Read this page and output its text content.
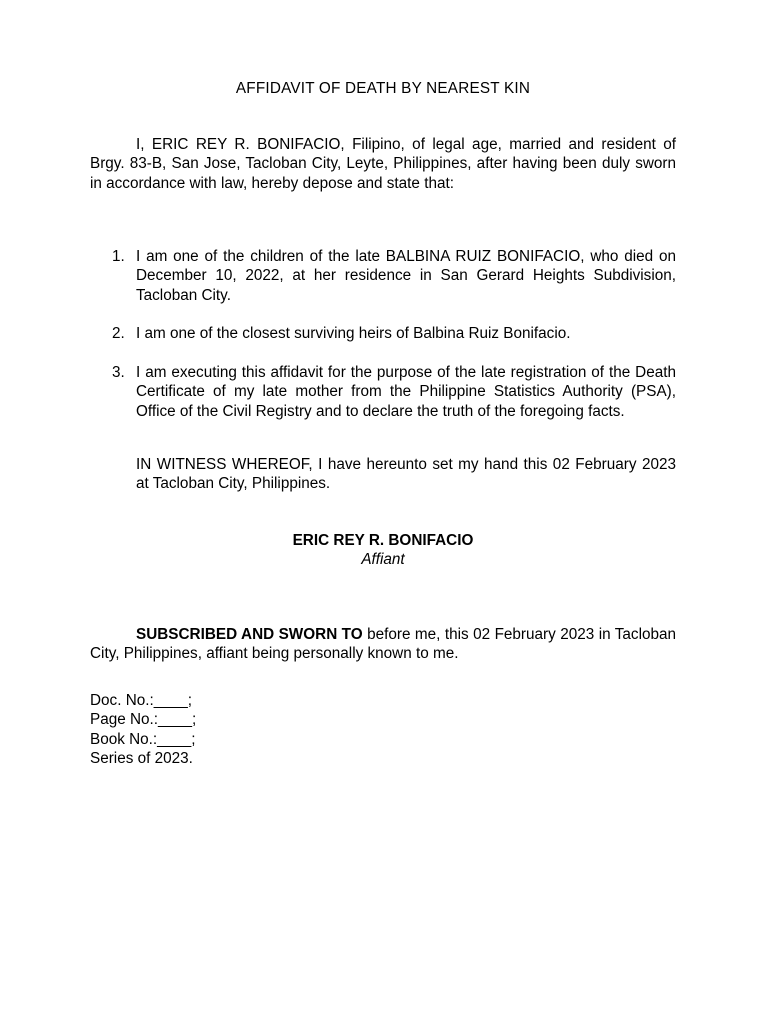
AFFIDAVIT OF DEATH BY NEAREST KIN

I, ERIC REY R. BONIFACIO, Filipino, of legal age, married and resident of Brgy. 83-B, San Jose, Tacloban City, Leyte, Philippines, after having been duly sworn in accordance with law, hereby depose and state that:

1. I am one of the children of the late BALBINA RUIZ BONIFACIO, who died on December 10, 2022, at her residence in San Gerard Heights Subdivision, Tacloban City.
2. I am one of the closest surviving heirs of Balbina Ruiz Bonifacio.
3. I am executing this affidavit for the purpose of the late registration of the Death Certificate of my late mother from the Philippine Statistics Authority (PSA), Office of the Civil Registry and to declare the truth of the foregoing facts.

IN WITNESS WHEREOF, I have hereunto set my hand this 02 February 2023 at Tacloban City, Philippines.

ERIC REY R. BONIFACIO
Affiant

SUBSCRIBED AND SWORN TO before me, this 02 February 2023 in Tacloban City, Philippines, affiant being personally known to me.

Doc. No.:____;
Page No.:____;
Book No.:____;
Series of 2023.
